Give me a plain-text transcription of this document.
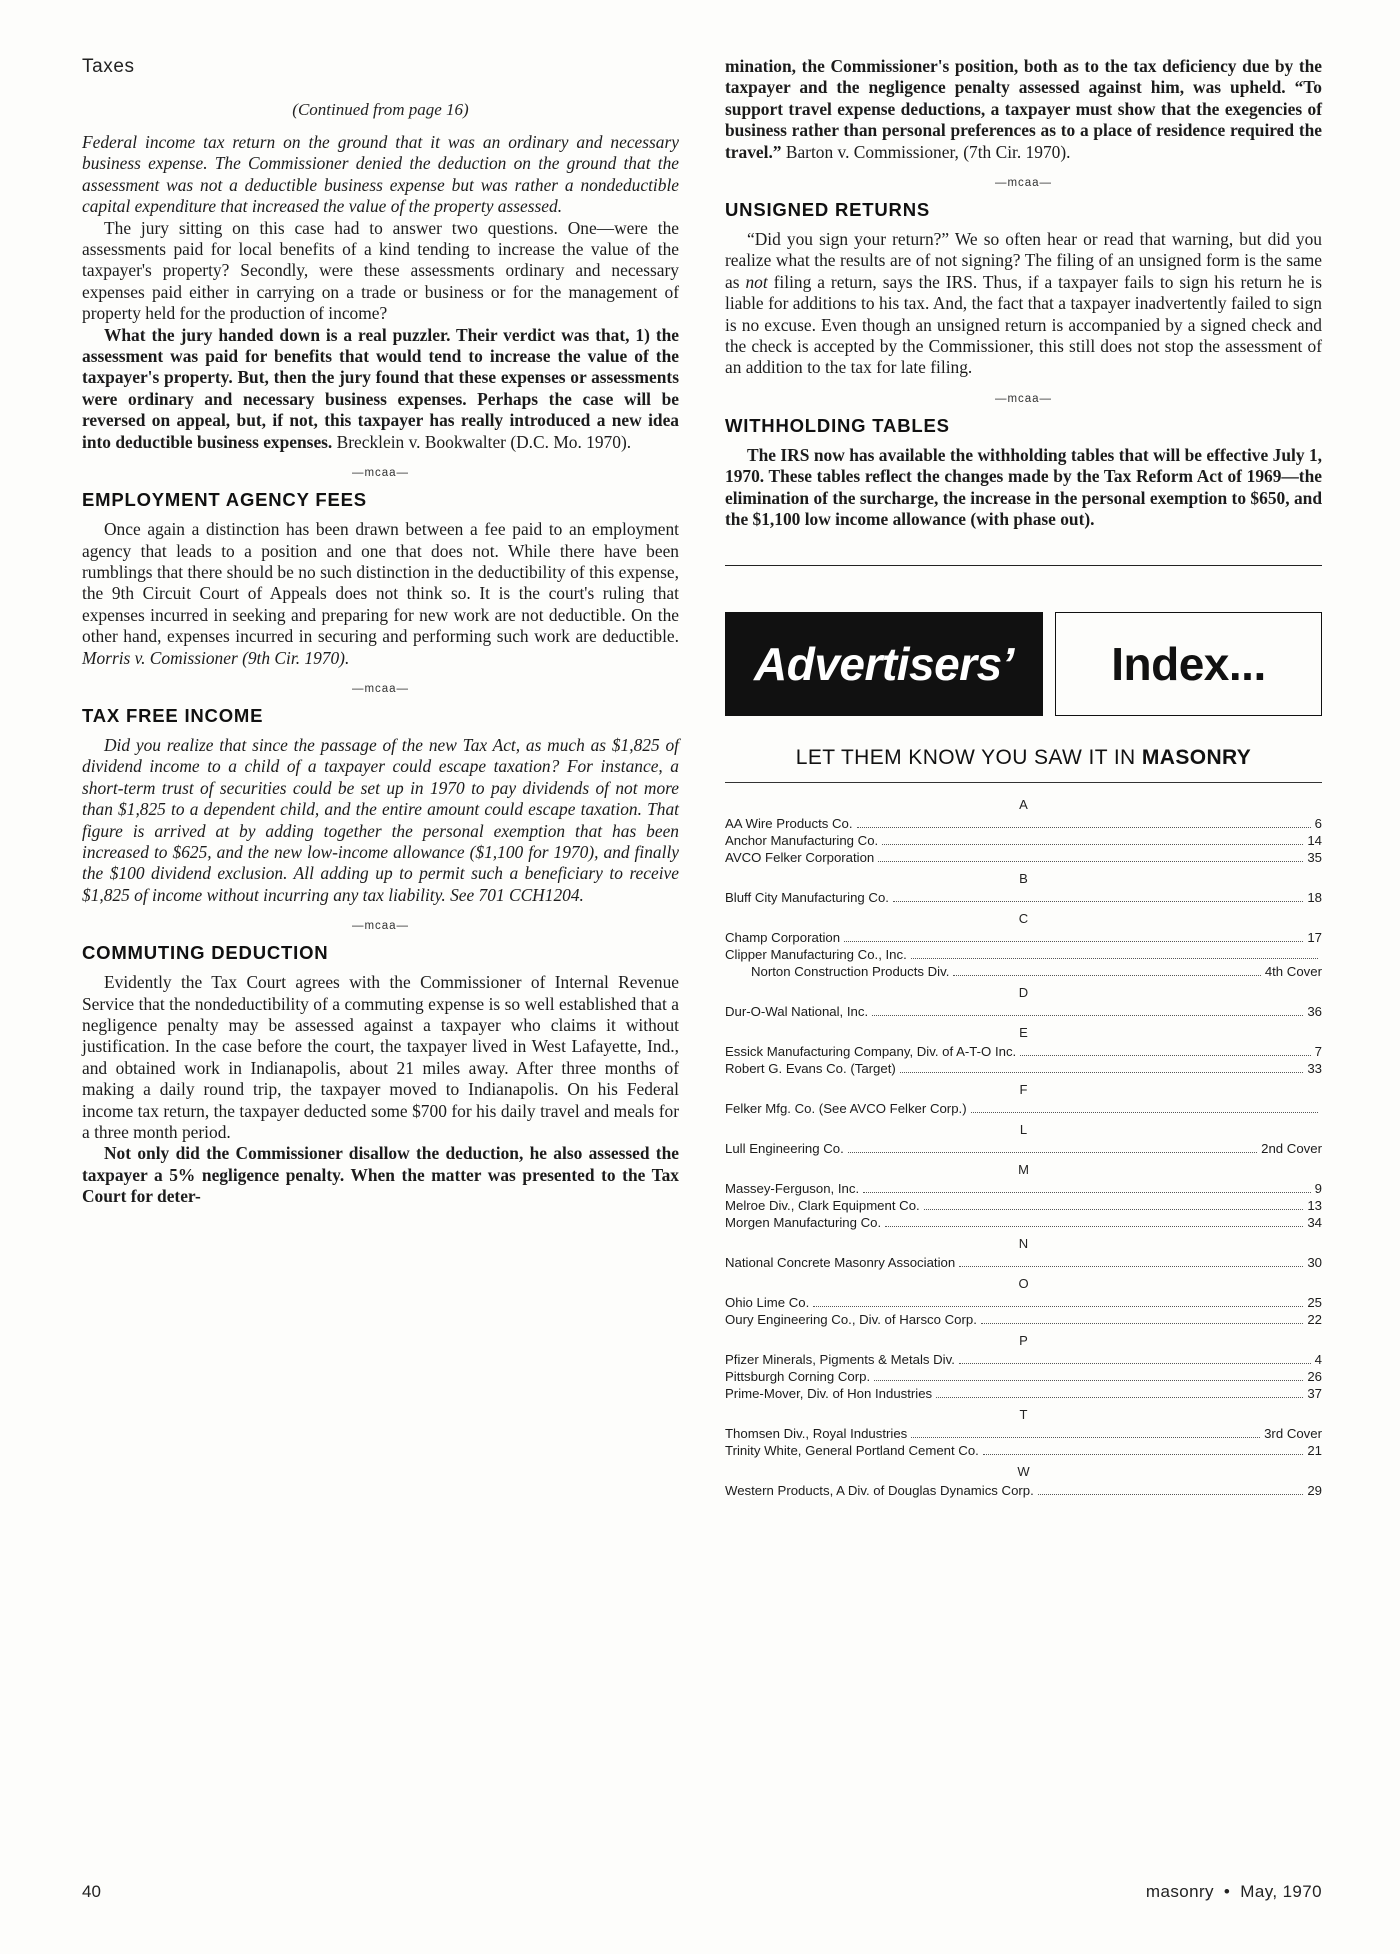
Taxes
(Continued from page 16)

Federal income tax return on the ground that it was an ordinary and necessary business expense. The Commissioner denied the deduction on the ground that the assessment was not a deductible business expense but was rather a nondeductible capital expenditure that increased the value of the property assessed.

The jury sitting on this case had to answer two questions. One—were the assessments paid for local benefits of a kind tending to increase the value of the taxpayer's property? Secondly, were these assessments ordinary and necessary expenses paid either in carrying on a trade or business or for the management of property held for the production of income?

What the jury handed down is a real puzzler. Their verdict was that, 1) the assessment was paid for benefits that would tend to increase the value of the taxpayer's property. But, then the jury found that these expenses or assessments were ordinary and necessary business expenses. Perhaps the case will be reversed on appeal, but, if not, this taxpayer has really introduced a new idea into deductible business expenses. Brecklein v. Bookwalter (D.C. Mo. 1970).

—mcaa—
EMPLOYMENT AGENCY FEES

Once again a distinction has been drawn between a fee paid to an employment agency that leads to a position and one that does not. While there have been rumblings that there should be no such distinction in the deductibility of this expense, the 9th Circuit Court of Appeals does not think so. It is the court's ruling that expenses incurred in seeking and preparing for new work are not deductible. On the other hand, expenses incurred in securing and performing such work are deductible. Morris v. Comissioner (9th Cir. 1970).

—mcaa—
TAX FREE INCOME

Did you realize that since the passage of the new Tax Act, as much as $1,825 of dividend income to a child of a taxpayer could escape taxation? For instance, a short-term trust of securities could be set up in 1970 to pay dividends of not more than $1,825 to a dependent child, and the entire amount could escape taxation. That figure is arrived at by adding together the personal exemption that has been increased to $625, and the new low-income allowance ($1,100 for 1970), and finally the $100 dividend exclusion. All adding up to permit such a beneficiary to receive $1,825 of income without incurring any tax liability. See 701 CCH1204.

—mcaa—
COMMUTING DEDUCTION

Evidently the Tax Court agrees with the Commissioner of Internal Revenue Service that the nondeductibility of a commuting expense is so well established that a negligence penalty may be assessed against a taxpayer who claims it without justification. In the case before the court, the taxpayer lived in West Lafayette, Ind., and obtained work in Indianapolis, about 21 miles away. After three months of making a daily round trip, the taxpayer moved to Indianapolis. On his Federal income tax return, the taxpayer deducted some $700 for his daily travel and meals for a three month period.

Not only did the Commissioner disallow the deduction, he also assessed the taxpayer a 5% negligence penalty. When the matter was presented to the Tax Court for deter-

mination, the Commissioner's position, both as to the tax deficiency due by the taxpayer and the negligence penalty assessed against him, was upheld. “To support travel expense deductions, a taxpayer must show that the exegencies of business rather than personal preferences as to a place of residence required the travel.” Barton v. Commissioner, (7th Cir. 1970).

—mcaa—
UNSIGNED RETURNS

“Did you sign your return?” We so often hear or read that warning, but did you realize what the results are of not signing? The filing of an unsigned form is the same as not filing a return, says the IRS. Thus, if a taxpayer fails to sign his return he is liable for additions to his tax. And, the fact that a taxpayer inadvertently failed to sign is no excuse. Even though an unsigned return is accompanied by a signed check and the check is accepted by the Commissioner, this still does not stop the assessment of an addition to the tax for late filing.

—mcaa—
WITHHOLDING TABLES

The IRS now has available the withholding tables that will be effective July 1, 1970. These tables reflect the changes made by the Tax Reform Act of 1969—the elimination of the surcharge, the increase in the personal exemption to $650, and the $1,100 low income allowance (with phase out).

Advertisers’	Index...
LET THEM KNOW YOU SAW IT IN MASONRY
A
AA Wire Products Co.	6
Anchor Manufacturing Co.	14
AVCO Felker Corporation	35
B
Bluff City Manufacturing Co.	18
C
Champ Corporation	17
Clipper Manufacturing Co., Inc.
Norton Construction Products Div.	4th Cover
D
Dur-O-Wal National, Inc.	36
E
Essick Manufacturing Company, Div. of A-T-O Inc.	7
Robert G. Evans Co. (Target)	33
F
Felker Mfg. Co. (See AVCO Felker Corp.)
L
Lull Engineering Co.	2nd Cover
M
Massey-Ferguson, Inc.	9
Melroe Div., Clark Equipment Co.	13
Morgen Manufacturing Co.	34
N
National Concrete Masonry Association	30
O
Ohio Lime Co.	25
Oury Engineering Co., Div. of Harsco Corp.	22
P
Pfizer Minerals, Pigments & Metals Div.	4
Pittsburgh Corning Corp.	26
Prime-Mover, Div. of Hon Industries	37
T
Thomsen Div., Royal Industries	3rd Cover
Trinity White, General Portland Cement Co.	21
W
Western Products, A Div. of Douglas Dynamics Corp.	29
40	masonry • May, 1970
